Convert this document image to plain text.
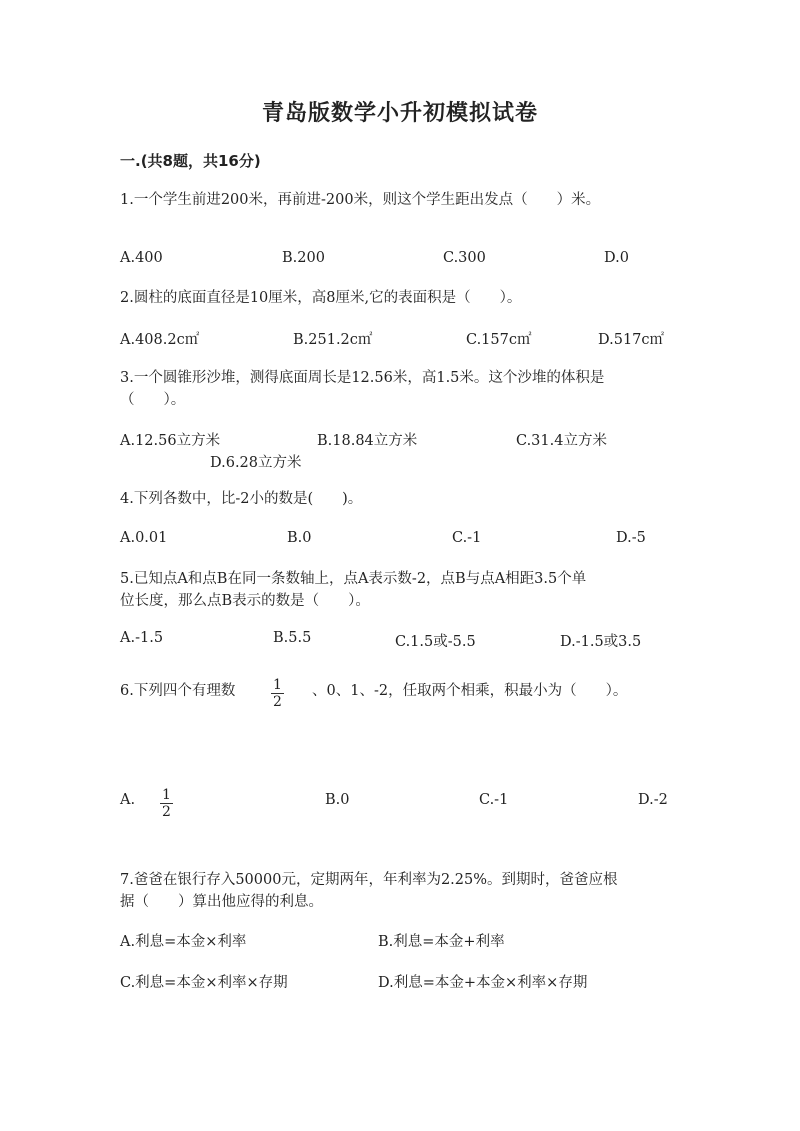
青岛版数学小升初模拟试卷
一.(共8题，共16分)
1.一个学生前进200米，再前进-200米，则这个学生距出发点（　　）米。
A.400	B.200	C.300	D.0
2.圆柱的底面直径是10厘米，高8厘米,它的表面积是（　　）。
A.408.2c㎡	B.251.2c㎡	C.157c㎡	D.517c㎡
3.一个圆锥形沙堆，测得底面周长是12.56米，高1.5米。这个沙堆的体积是
（　　）。
A.12.56立方米	B.18.84立方米	C.31.4立方米
D.6.28立方米
4.下列各数中，比-2小的数是(　　)。
A.0.01	B.0	C.-1	D.-5
5.已知点A和点B在同一条数轴上，点A表示数-2，点B与点A相距3.5个单
位长度，那么点B表示的数是（　　）。
A.-1.5	B.5.5	C.1.5或-5.5	D.-1.5或3.5
6.下列四个有理数	1
2
、0、1、-2，任取两个相乘，积最小为（　　）。
A. 1
2
B.0	C.-1	D.-2
7.爸爸在银行存入50000元，定期两年，年利率为2.25%。到期时，爸爸应根
据（　　）算出他应得的利息。
A.利息=本金×利率	B.利息=本金+利率
C.利息=本金×利率×存期	D.利息=本金+本金×利率×存期
